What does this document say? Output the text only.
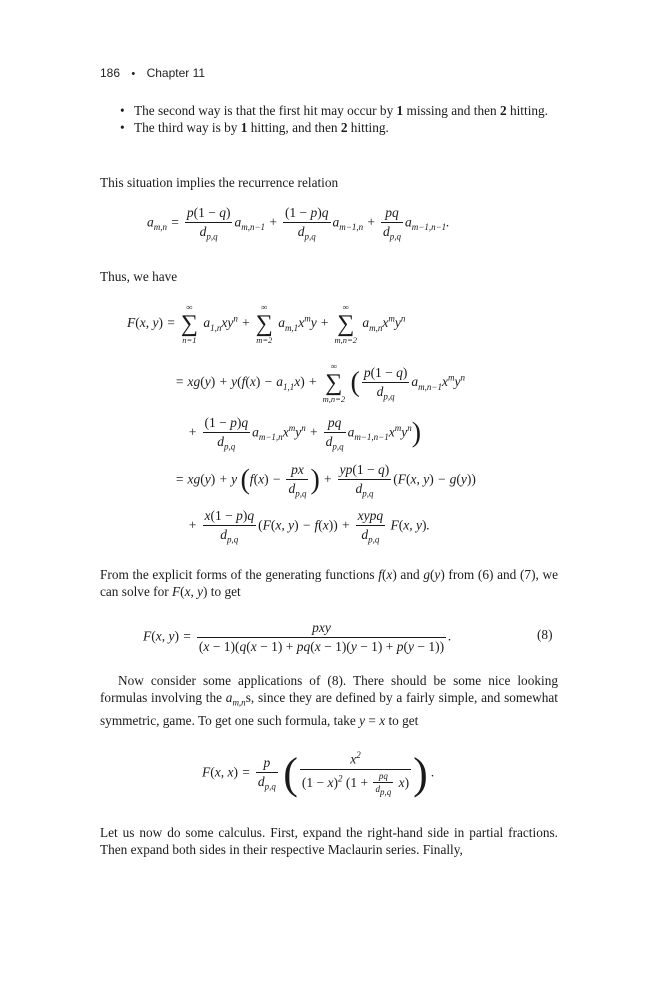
186 • Chapter 11
• The second way is that the first hit may occur by 1 missing and then 2 hitting.
• The third way is by 1 hitting, and then 2 hitting.
This situation implies the recurrence relation
$a_{m,n} = \frac{p(1 - q)}{d_{p,q}} a_{m,n-1} + \frac{(1 - p)q}{d_{p,q}} a_{m-1,n} + \frac{pq}{d_{p,q}} a_{m-1,n-1}$.
Thus, we have
F(x, y) =
∞
∑
n=1
$a_{1,n}xy^n$ +
∞
∑
m=2
$a_{m,1}x^my$ +
∞
∑
m,n=2
$a_{m,n}x^my^n$
= $xg(y) + y(f(x) - a_{1,1}x)$ +
∞
∑
m,n=2
( $\frac{p(1 - q)}{d_{p,q}} a_{m,n-1}x^my^n$
+ $\frac{(1 - p)q}{d_{p,q}} a_{m-1,n}x^my^n + \frac{pq}{d_{p,q}} a_{m-1,n-1}x^my^n$)
= xg(y) + y ($f(x) - \frac{px}{d_{p,q}}$ ) + $\frac{yp(1 - q)}{d_{p,q}} (F(x$, y) − g(y))
+ $\frac{x(1 - p)q}{d_{p,q}} (F(x$, $y) - f(x)) + \frac{\text{xypq}}{d_{p,q}} F(x$, y).
From the explicit forms of the generating functions f(x) and g(y) from (6) and (7), we can solve for F(x, y) to get
F(x, $y) = \frac{\text{pxy}}{(x - 1)(q(x - 1) + pq(x - 1)(y - 1) + p(y - 1))}$ .	(8)
Now consider some applications of (8). There should be some nice looking formulas involving the $a_{m,n}s$, since they are defined by a fairly simple, and somewhat symmetric, game. To get one such formula, take y = x to get
F(x, $x) = \frac{p}{d_{p,q}}$ ( $\frac{x^2}{(1 - x)^2 (1 + \frac{pq}{d_{p,q}} x)}$ ) .
Let us now do some calculus. First, expand the right-hand side in partial fractions. Then expand both sides in their respective Maclaurin series. Finally,
